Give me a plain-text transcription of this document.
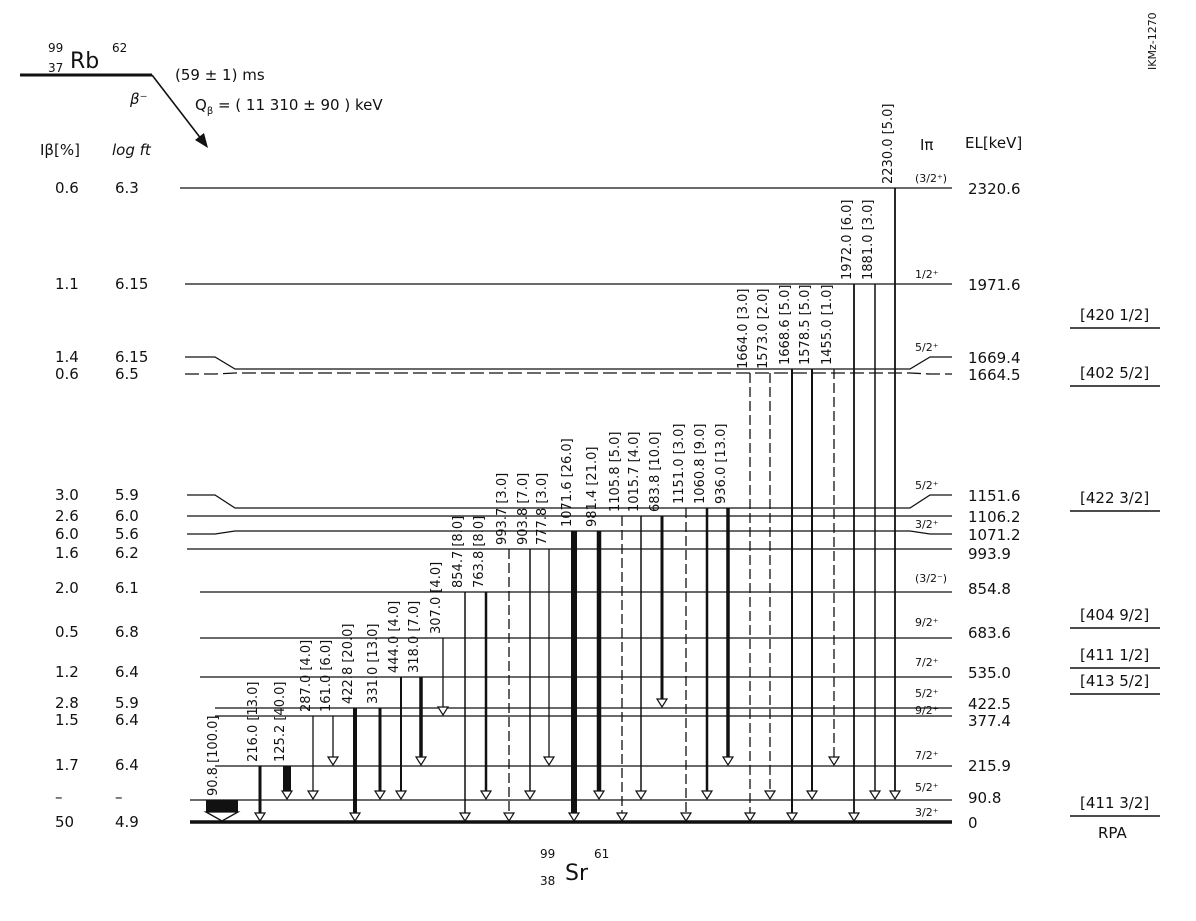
99
37 Rb
62
β⁻
(59 ± 1) ms
$Q_\beta$ = ( 11 310 ± 90 ) keV
IKMz-1270
Iβ[%] log ft	Iπ EL[keV]
99
38 Sr
61
0.6 6.3	2320.6
(3/2⁺)
1.1 6.15	1971.6
1/2⁺
1.4 6.15	1669.4
5/2⁺
0.6 6.5	1664.5
3.0 5.9	1151.6
5/2⁺
2.6 6.0	1106.2
6.0 5.6	1071.2
3/2⁺
1.6 6.2	993.9
2.0 6.1	854.8
(3/2⁻)
0.5 6.8	683.6
9/2⁺
1.2 6.4	535.0
7/2⁺
2.8 5.9	422.5
5/2⁺
1.5 6.4	377.4
9/2⁺
1.7 6.4	215.9
7/2⁺
–	–	90.8
5/2⁺
50	4.9	0
3/2⁺
90.8 [100.0] 216.0 [13.0] 125.2 [40.0]
287.0 [4.0] 161.0 [6.0] 422.8 [20.0] 331.0 [13.0] 444.0 [4.0] 318.0 [7.0]
307.0 [4.0]
854.7 [8.0] 763.8 [8.0]
993.7 [3.0] 903.8 [7.0] 777.8 [3.0] 1071.6 [26.0] 981.4 [21.0] 1105.8 [5.0] 1015.7 [4.0] 683.8 [10.0] 1151.0 [3.0] 1060.8 [9.0] 936.0 [13.0]
1664.0 [3.0] 1573.0 [2.0] 1668.6 [5.0] 1578.5 [5.0] 1455.0 [1.0]
1972.0 [6.0] 1881.0 [3.0]
2230.0 [5.0]
[420 1/2]
[402 5/2]
[422 3/2]
[404 9/2]
[411 1/2]
[413 5/2]
[411 3/2]
RPA
